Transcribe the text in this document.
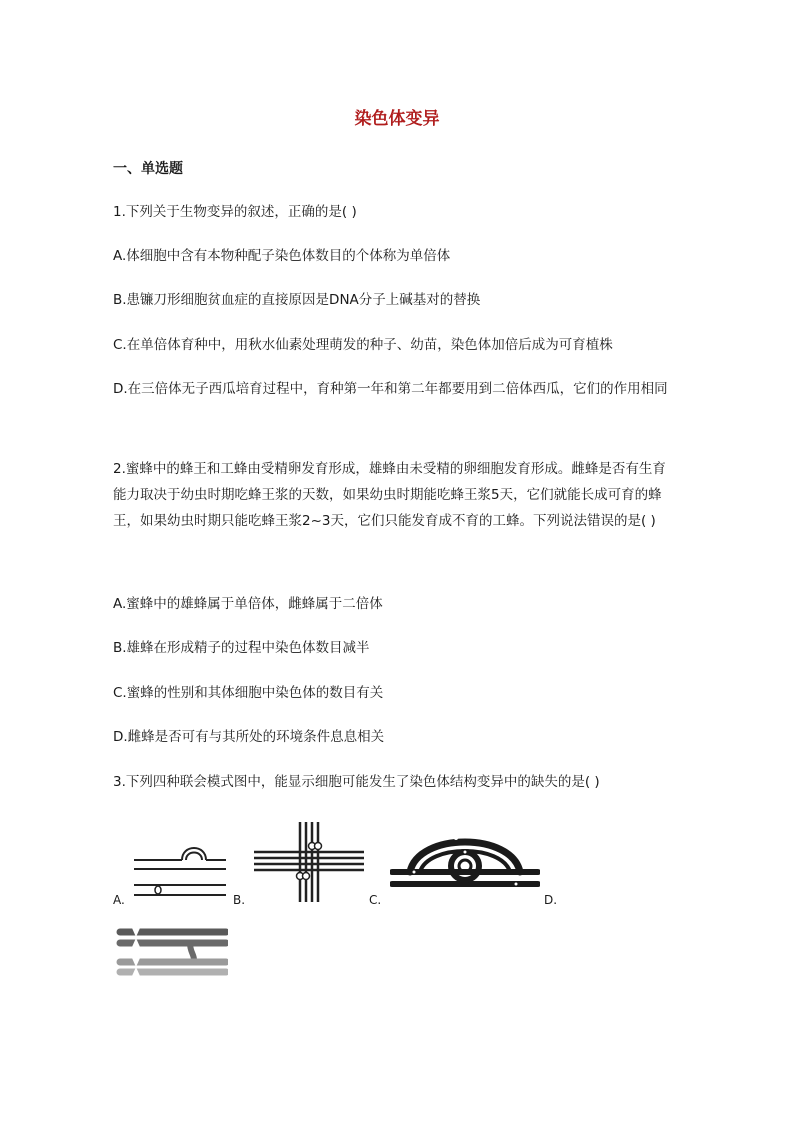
染色体变异
一、单选题
1.下列关于生物变异的叙述，正确的是( )
A.体细胞中含有本物种配子染色体数目的个体称为单倍体
B.患镰刀形细胞贫血症的直接原因是DNA分子上碱基对的替换
C.在单倍体育种中，用秋水仙素处理萌发的种子、幼苗，染色体加倍后成为可育植株
D.在三倍体无子西瓜培育过程中，育种第一年和第二年都要用到二倍体西瓜，它们的作用相同
2.蜜蜂中的蜂王和工蜂由受精卵发育形成，雄蜂由未受精的卵细胞发育形成。雌蜂是否有生育能力取决于幼虫时期吃蜂王浆的天数，如果幼虫时期能吃蜂王浆5天，它们就能长成可育的蜂王，如果幼虫时期只能吃蜂王浆2~3天，它们只能发育成不育的工蜂。下列说法错误的是( )
A.蜜蜂中的雄蜂属于单倍体，雌蜂属于二倍体
B.雄蜂在形成精子的过程中染色体数目减半
C.蜜蜂的性别和其体细胞中染色体的数目有关
D.雌蜂是否可有与其所处的环境条件息息相关
3.下列四种联会模式图中，能显示细胞可能发生了染色体结构变异中的缺失的是( )
A.	B.	C.	D.
